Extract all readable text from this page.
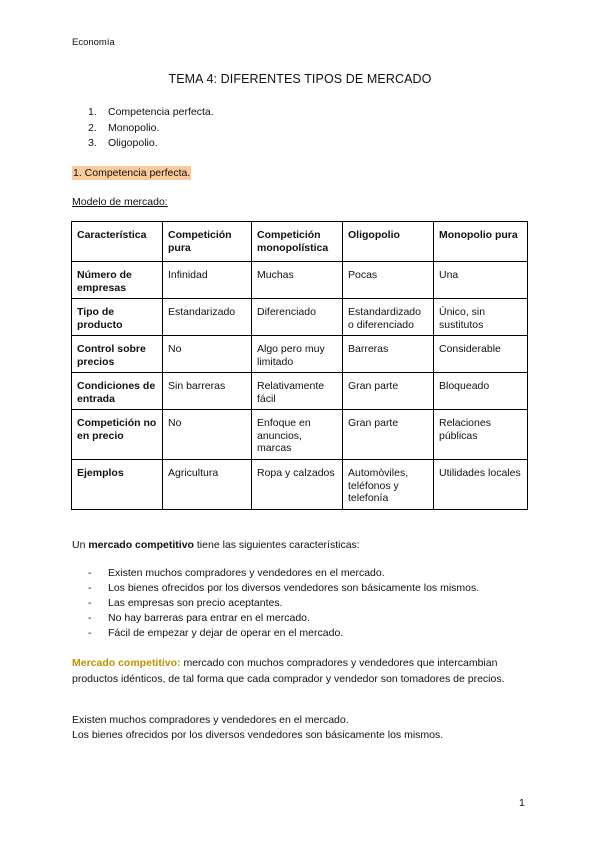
Economía
TEMA 4: DIFERENTES TIPOS DE MERCADO
1.	Competencia perfecta.
2.	Monopolio.
3.	Oligopolio.
1. Competencia perfecta.
Modelo de mercado:
Característica	Competición pura	Competición monopolística	Oligopolio	Monopolio pura
Número de empresas	Infinidad	Muchas	Pocas	Una
Tipo de producto	Estandarizado	Diferenciado	Estandardizado o diferenciado	Único, sin sustitutos
Control sobre precios	No	Algo pero muy limitado	Barreras	Considerable
Condiciones de entrada	Sin barreras	Relativamente fácil	Gran parte	Bloqueado
Competición no en precio	No	Enfoque en anuncios, marcas	Gran parte	Relaciones públicas
Ejemplos	Agricultura	Ropa y calzados	Automòviles, teléfonos y telefonía	Utilidades locales
Un mercado competitivo tiene las siguientes características:
-	Existen muchos compradores y vendedores en el mercado.
-	Los bienes ofrecidos por los diversos vendedores son básicamente los mismos.
-	Las empresas son precio aceptantes.
-	No hay barreras para entrar en el mercado.
-	Fácil de empezar y dejar de operar en el mercado.
Mercado competitivo: mercado con muchos compradores y vendedores que intercambian productos idénticos, de tal forma que cada comprador y vendedor son tomadores de precios.
Existen muchos compradores y vendedores en el mercado.
Los bienes ofrecidos por los diversos vendedores son básicamente los mismos.
1
